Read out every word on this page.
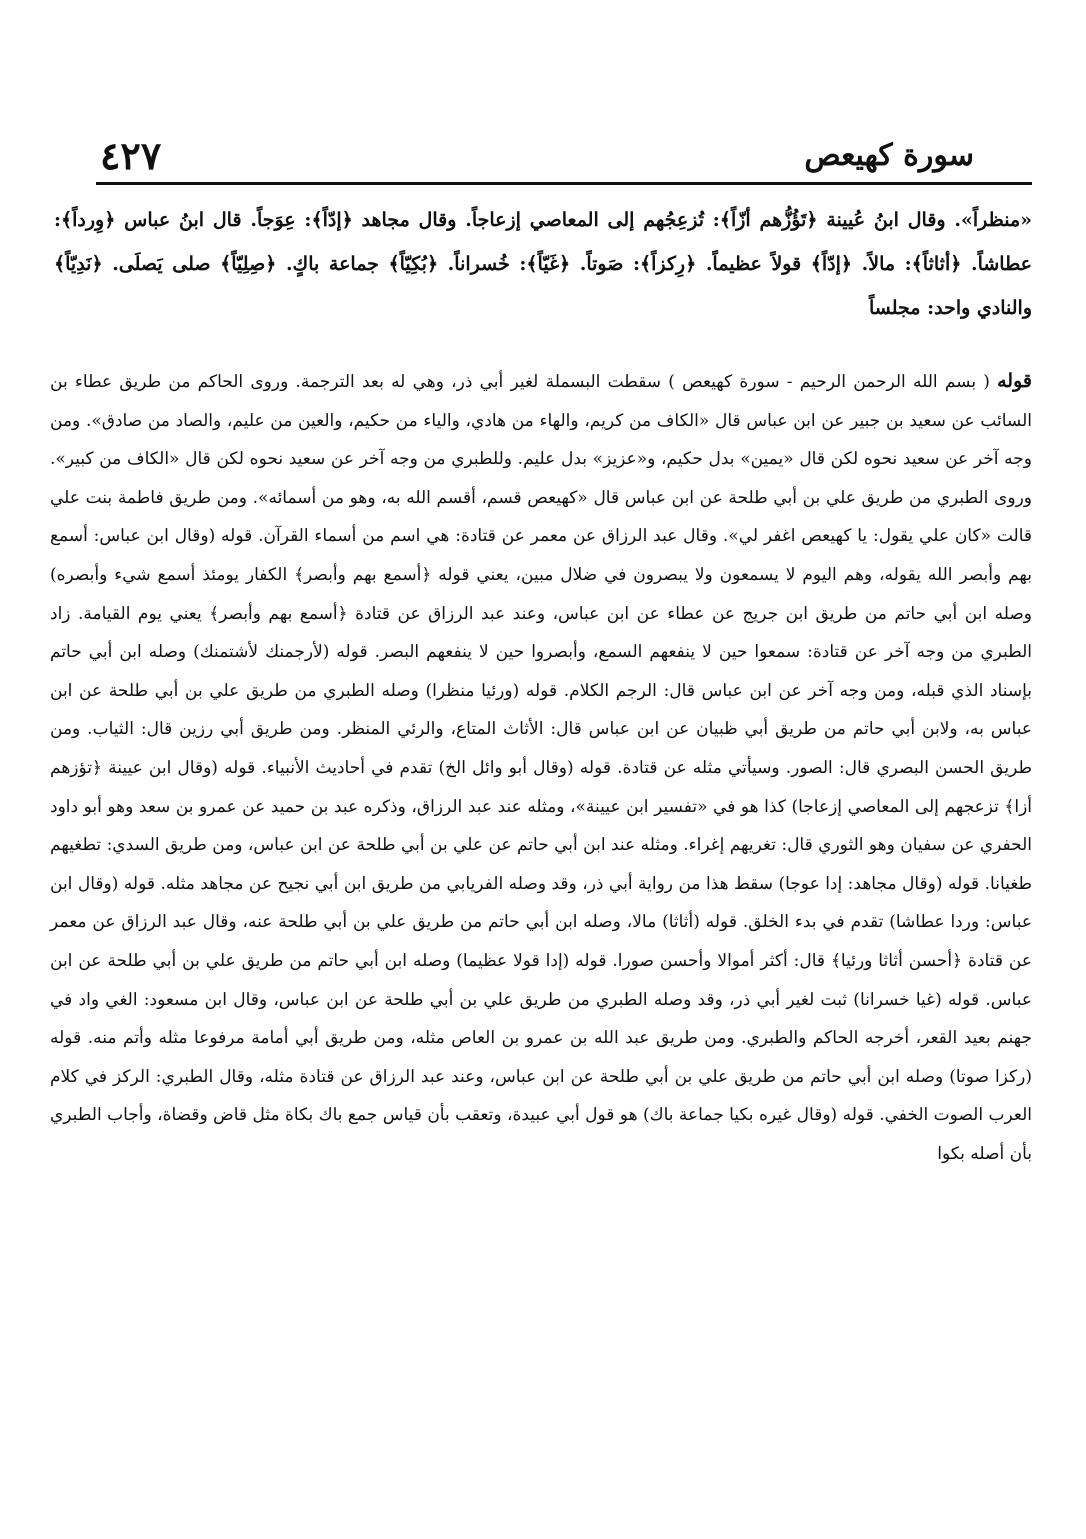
٤٢٧	سورة كهيعص
«منظراً». وقال ابنُ عُيينة ﴿تَؤُزُّهم أزّاً﴾: تُزعِجُهم إلى المعاصي إزعاجاً. وقال مجاهد ﴿إدّاً﴾: عِوَجاً. قال ابنُ عباس ﴿وِرداً﴾: عطاشاً. ﴿أثاثاً﴾: مالاً. ﴿إدّاً﴾ قولاً عظيماً. ﴿رِكزاً﴾: صَوتاً. ﴿غَيّاً﴾: خُسراناً. ﴿بُكِيّاً﴾ جماعة باكٍ. ﴿صِلِيّاً﴾ صلى يَصلَى. ﴿نَدِيّاً﴾ والنادي واحد: مجلساً

قوله ( بسم الله الرحمن الرحيم - سورة كهيعص ) سقطت البسملة لغير أبي ذر، وهي له بعد الترجمة. وروى الحاكم من طريق عطاء بن السائب عن سعيد بن جبير عن ابن عباس قال «الكاف من كريم، والهاء من هادي، والياء من حكيم، والعين من عليم، والصاد من صادق». ومن وجه آخر عن سعيد نحوه لكن قال «يمين» بدل حكيم، و«عزيز» بدل عليم. وللطبري من وجه آخر عن سعيد نحوه لكن قال «الكاف من كبير». وروى الطبري من طريق علي بن أبي طلحة عن ابن عباس قال «كهيعص قسم، أقسم الله به، وهو من أسمائه». ومن طريق فاطمة بنت علي قالت «كان علي يقول: يا كهيعص اغفر لي». وقال عبد الرزاق عن معمر عن قتادة: هي اسم من أسماء القرآن. قوله (وقال ابن عباس: أسمع بهم وأبصر الله يقوله، وهم اليوم لا يسمعون ولا يبصرون في ضلال مبين، يعني قوله ﴿أسمع بهم وأبصر﴾ الكفار يومئذ أسمع شيء وأبصره) وصله ابن أبي حاتم من طريق ابن جريج عن عطاء عن ابن عباس، وعند عبد الرزاق عن قتادة ﴿أسمع بهم وأبصر﴾ يعني يوم القيامة. زاد الطبري من وجه آخر عن قتادة: سمعوا حين لا ينفعهم السمع، وأبصروا حين لا ينفعهم البصر. قوله (لأرجمنك لأشتمنك) وصله ابن أبي حاتم بإسناد الذي قبله، ومن وجه آخر عن ابن عباس قال: الرجم الكلام. قوله (ورئيا منظرا) وصله الطبري من طريق علي بن أبي طلحة عن ابن عباس به، ولابن أبي حاتم من طريق أبي ظبيان عن ابن عباس قال: الأثاث المتاع، والرئي المنظر. ومن طريق أبي رزين قال: الثياب. ومن طريق الحسن البصري قال: الصور. وسيأتي مثله عن قتادة. قوله (وقال أبو وائل الخ) تقدم في أحاديث الأنبياء. قوله (وقال ابن عيينة ﴿تؤزهم أزا﴾ تزعجهم إلى المعاصي إزعاجا) كذا هو في «تفسير ابن عيينة»، ومثله عند عبد الرزاق، وذكره عبد بن حميد عن عمرو بن سعد وهو أبو داود الحفري عن سفيان وهو الثوري قال: تغريهم إغراء. ومثله عند ابن أبي حاتم عن علي بن أبي طلحة عن ابن عباس، ومن طريق السدي: تطغيهم طغيانا. قوله (وقال مجاهد: إدا عوجا) سقط هذا من رواية أبي ذر، وقد وصله الفريابي من طريق ابن أبي نجيح عن مجاهد مثله. قوله (وقال ابن عباس: وردا عطاشا) تقدم في بدء الخلق. قوله (أثاثا) مالا، وصله ابن أبي حاتم من طريق علي بن أبي طلحة عنه، وقال عبد الرزاق عن معمر عن قتادة ﴿أحسن أثاثا ورئيا﴾ قال: أكثر أموالا وأحسن صورا. قوله (إدا قولا عظيما) وصله ابن أبي حاتم من طريق علي بن أبي طلحة عن ابن عباس. قوله (غيا خسرانا) ثبت لغير أبي ذر، وقد وصله الطبري من طريق علي بن أبي طلحة عن ابن عباس، وقال ابن مسعود: الغي واد في جهنم بعيد القعر، أخرجه الحاكم والطبري. ومن طريق عبد الله بن عمرو بن العاص مثله، ومن طريق أبي أمامة مرفوعا مثله وأتم منه. قوله (ركزا صوتا) وصله ابن أبي حاتم من طريق علي بن أبي طلحة عن ابن عباس، وعند عبد الرزاق عن قتادة مثله، وقال الطبري: الركز في كلام العرب الصوت الخفي. قوله (وقال غيره بكيا جماعة باك) هو قول أبي عبيدة، وتعقب بأن قياس جمع باك بكاة مثل قاض وقضاة، وأجاب الطبري بأن أصله بكوا
